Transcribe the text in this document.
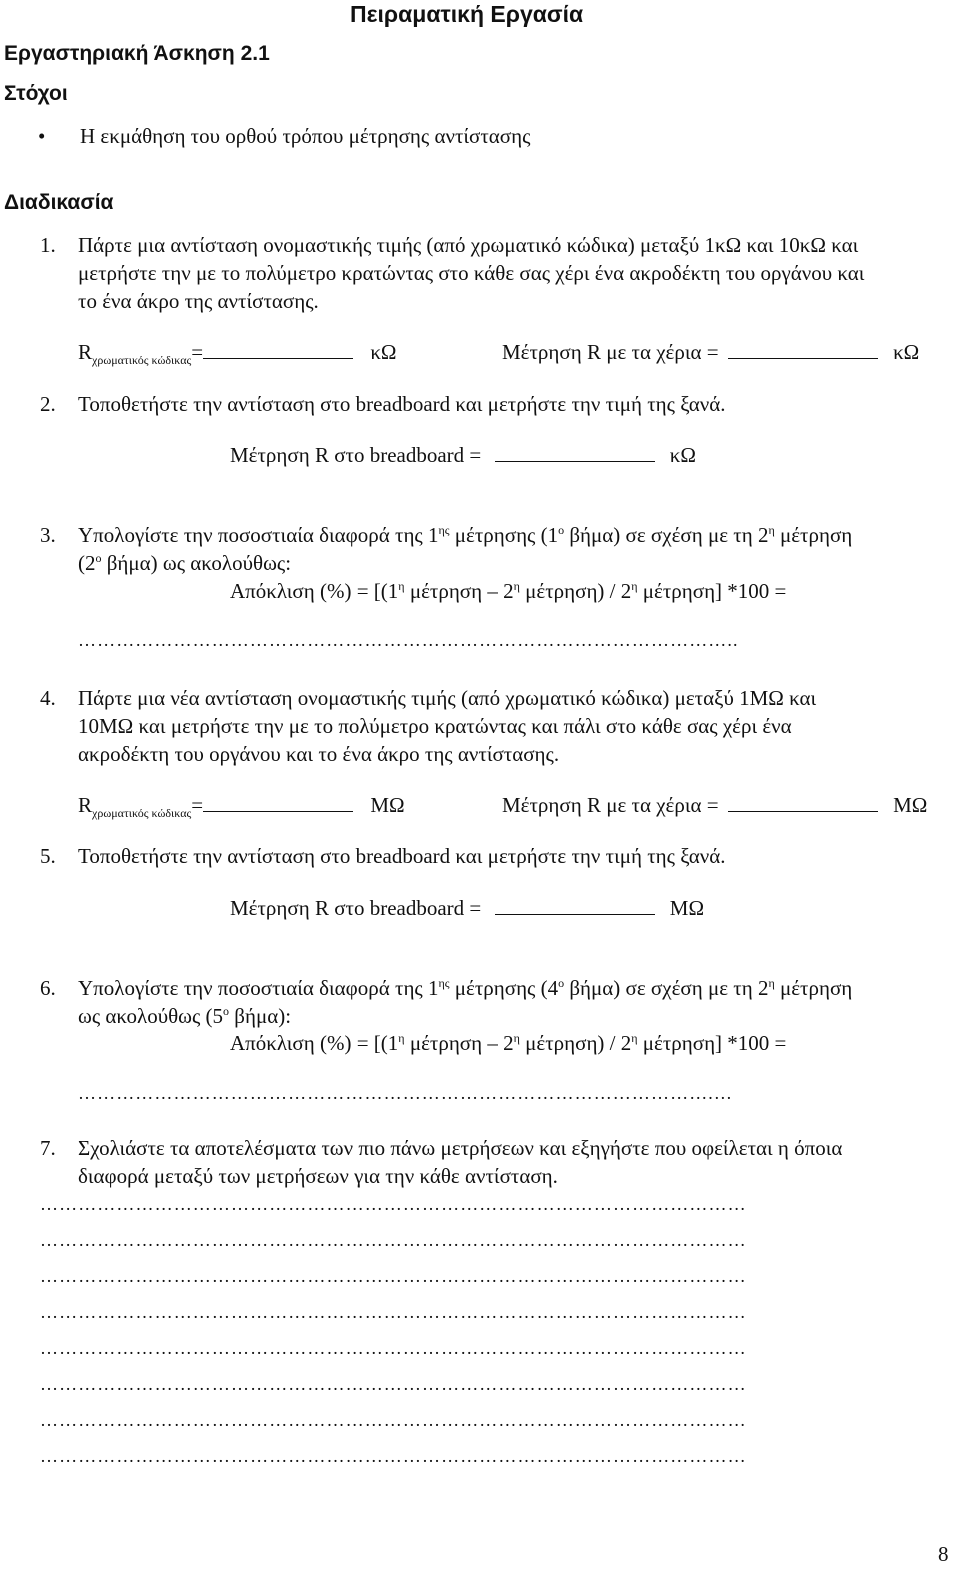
Πειραματική Εργασία
Εργαστηριακή Άσκηση 2.1
Στόχοι
• Η εκμάθηση του ορθού τρόπου μέτρησης αντίστασης
Διαδικασία
1. Πάρτε μια αντίσταση ονομαστικής τιμής (από χρωματικό κώδικα) μεταξύ 1κΩ και 10κΩ και
μετρήστε την με το πολύμετρο κρατώντας στο κάθε σας χέρι ένα ακροδέκτη του οργάνου και
το ένα άκρο της αντίστασης.
$R_{\chi\rho\omega\mu\alpha\tau\iota\kappa ό\varsigma \kappa ώ\delta\iota\kappa\alpha\varsigma}=$	κΩ	Μέτρηση R με τα χέρια =	κΩ
2. Τοποθετήστε την αντίσταση στο breadboard και μετρήστε την τιμή της ξανά.
Μέτρηση R στο breadboard =	κΩ
3. Υπολογίστε την ποσοστιαία διαφορά της $1^{\eta\varsigma}$ μέτρησης ($1^o$ βήμα) σε σχέση με τη $2^\eta$ μέτρηση
($2^o$ βήμα) ως ακολούθως:
Απόκλιση (%) = [($1^\eta$ μέτρηση – $2^\eta$ $\mu έ\tau\rho\eta\sigma\eta) / 2^\eta$ μέτρηση] *100 =
…………………………………………………………………………………………..
4. Πάρτε μια νέα αντίσταση ονομαστικής τιμής (από χρωματικό κώδικα) μεταξύ 1ΜΩ και
10ΜΩ και μετρήστε την με το πολύμετρο κρατώντας και πάλι στο κάθε σας χέρι ένα
ακροδέκτη του οργάνου και το ένα άκρο της αντίστασης.
$R_{\chi\rho\omega\mu\alpha\tau\iota\kappa ό\varsigma \kappa ώ\delta\iota\kappa\alpha\varsigma}=$	ΜΩ	Μέτρηση R με τα χέρια =	ΜΩ
5. Τοποθετήστε την αντίσταση στο breadboard και μετρήστε την τιμή της ξανά.
Μέτρηση R στο breadboard =	ΜΩ
6. Υπολογίστε την ποσοστιαία διαφορά της $1^{\eta\varsigma}$ μέτρησης ($4^o$ βήμα) σε σχέση με τη $2^\eta$ μέτρηση
ως ακολούθως ($5^o$ βήμα):
Απόκλιση (%) = [($1^\eta$ μέτρηση – $2^\eta$ $\mu έ\tau\rho\eta\sigma\eta) / 2^\eta$ μέτρηση] *100 =
……………………………………………………………………………………….…
7. Σχολιάστε τα αποτελέσματα των πιο πάνω μετρήσεων και εξηγήστε που οφείλεται η όποια
διαφορά μεταξύ των μετρήσεων για την κάθε αντίσταση.
…………………………………………………………………………………………………
…………………………………………………………………………………………………
…………………………………………………………………………………………………
…………………………………………………………………………………………………
…………………………………………………………………………………………………
…………………………………………………………………………………………………
…………………………………………………………………………………………………
…………………………………………………………………………………………………
8
